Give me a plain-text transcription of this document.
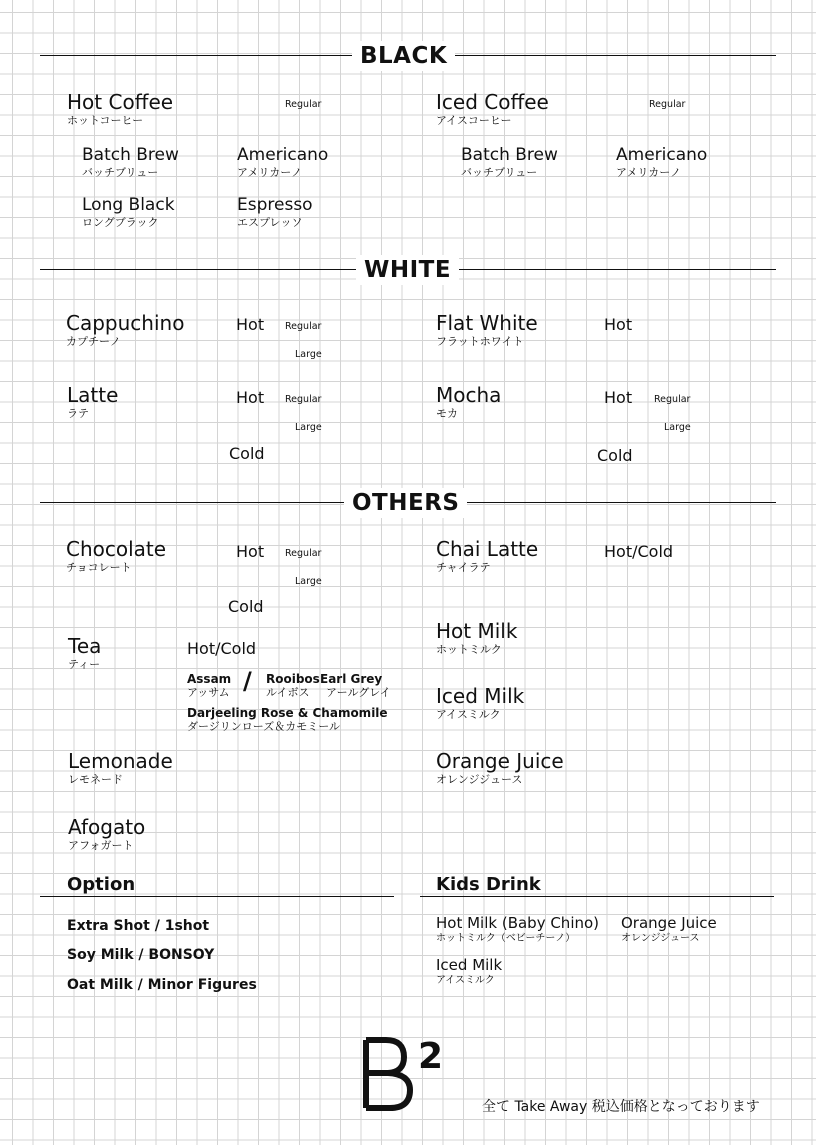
BLACK
Hot Coffee
ホットコーヒー
Regular	Iced Coffee
アイスコーヒー
Regular
Batch Brew
バッチブリュー
Americano
アメリカーノ
Batch Brew
バッチブリュー
Americano
アメリカーノ
Long Black
ロングブラック
Espresso
エスプレッソ
WHITE
Cappuchino
カプチーノ
Hot Regular
Large
Flat White
フラットホワイト
Hot
Latte
ラテ
Hot Regular
Large
Cold
Mocha
モカ
Hot Regular
Large
Cold
OTHERS
Chocolate
チョコレート
Hot Regular
Large
Cold
Chai Latte
チャイラテ
Hot/Cold
Tea
ティー
Hot/Cold
Assam
アッサム / Rooibos
ルイボス
Earl Grey
アールグレイ
Darjeeling Rose & Chamomile
ダージリンローズ＆カモミール
Hot Milk
ホットミルク
Iced Milk
アイスミルク
Lemonade
レモネード
Orange Juice
オレンジジュース
Afogato
アフォガート
Option
Extra Shot / 1shot
Soy Milk / BONSOY
Oat Milk / Minor Figures
Kids Drink
Hot Milk (Baby Chino)
ホットミルク（ベビーチーノ）
Orange Juice
オレンジジュース
Iced Milk
アイスミルク
2
全て Take Away 税込価格となっております
